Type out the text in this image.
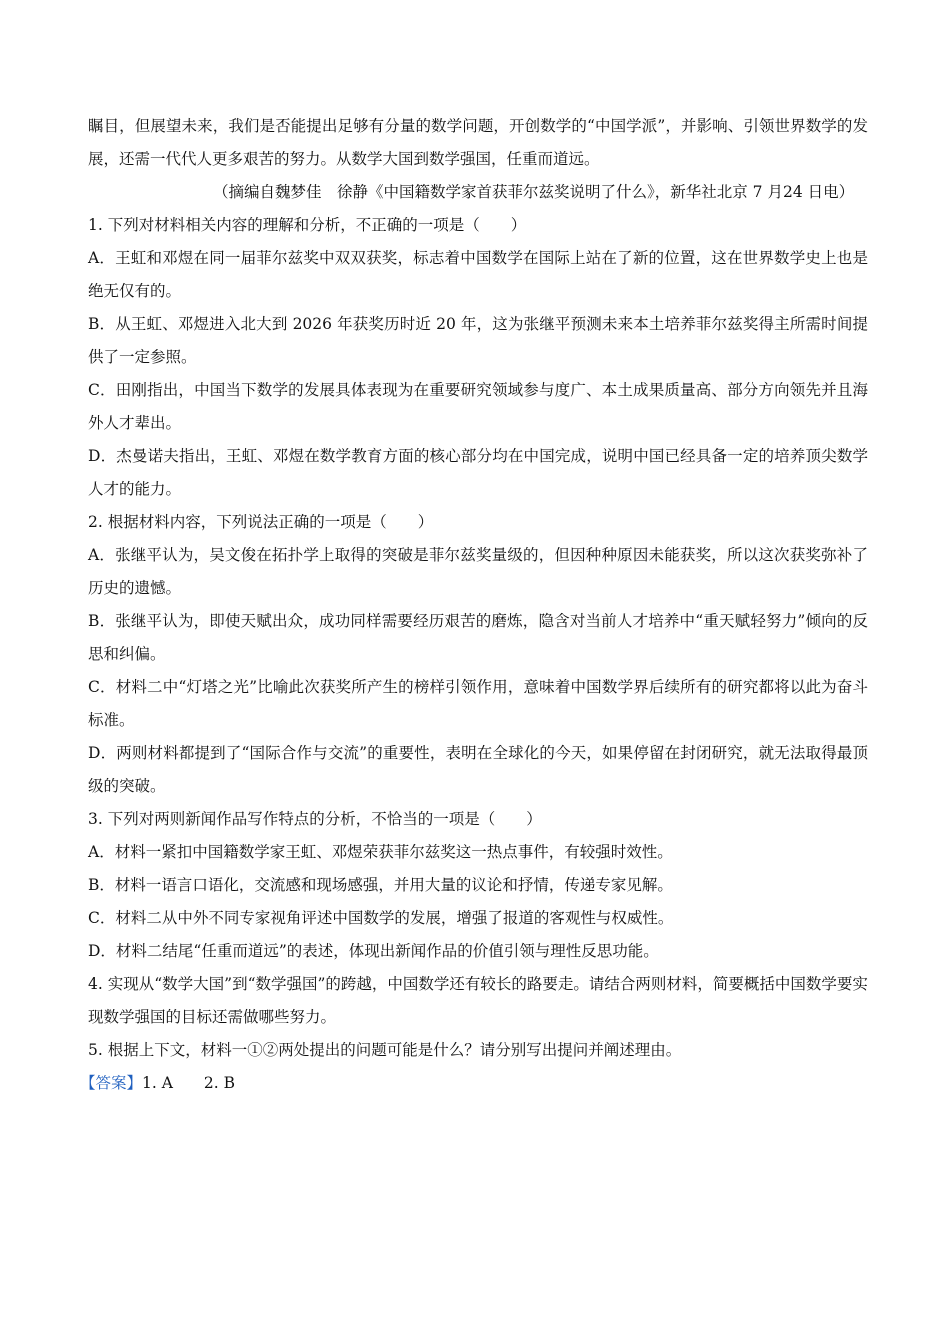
瞩目，但展望未来，我们是否能提出足够有分量的数学问题，开创数学的“中国学派”，并影响、引领世界数学的发展，还需一代代人更多艰苦的努力。从数学大国到数学强国，任重而道远。

（摘编自魏梦佳　徐静《中国籍数学家首获菲尔兹奖说明了什么》，新华社北京 7 月24 日电）

1. 下列对材料相关内容的理解和分析，不正确的一项是（　　）

A．王虹和邓煜在同一届菲尔兹奖中双双获奖，标志着中国数学在国际上站在了新的位置，这在世界数学史上也是绝无仅有的。

B．从王虹、邓煜进入北大到 2026 年获奖历时近 20 年，这为张继平预测未来本土培养菲尔兹奖得主所需时间提供了一定参照。

C．田刚指出，中国当下数学的发展具体表现为在重要研究领域参与度广、本土成果质量高、部分方向领先并且海外人才辈出。

D．杰曼诺夫指出，王虹、邓煜在数学教育方面的核心部分均在中国完成，说明中国已经具备一定的培养顶尖数学人才的能力。

2. 根据材料内容，下列说法正确的一项是（　　）

A．张继平认为，吴文俊在拓扑学上取得的突破是菲尔兹奖量级的，但因种种原因未能获奖，所以这次获奖弥补了历史的遗憾。

B．张继平认为，即使天赋出众，成功同样需要经历艰苦的磨炼，隐含对当前人才培养中“重天赋轻努力”倾向的反思和纠偏。

C．材料二中“灯塔之光”比喻此次获奖所产生的榜样引领作用，意味着中国数学界后续所有的研究都将以此为奋斗标准。

D．两则材料都提到了“国际合作与交流”的重要性，表明在全球化的今天，如果停留在封闭研究，就无法取得最顶级的突破。

3. 下列对两则新闻作品写作特点的分析，不恰当的一项是（　　）

A．材料一紧扣中国籍数学家王虹、邓煜荣获菲尔兹奖这一热点事件，有较强时效性。

B．材料一语言口语化，交流感和现场感强，并用大量的议论和抒情，传递专家见解。

C．材料二从中外不同专家视角评述中国数学的发展，增强了报道的客观性与权威性。

D．材料二结尾“任重而道远”的表述，体现出新闻作品的价值引领与理性反思功能。

4. 实现从“数学大国”到“数学强国”的跨越，中国数学还有较长的路要走。请结合两则材料，简要概括中国数学要实现数学强国的目标还需做哪些努力。

5. 根据上下文，材料一①②两处提出的问题可能是什么？请分别写出提问并阐述理由。

【答案】1. A　　2. B
